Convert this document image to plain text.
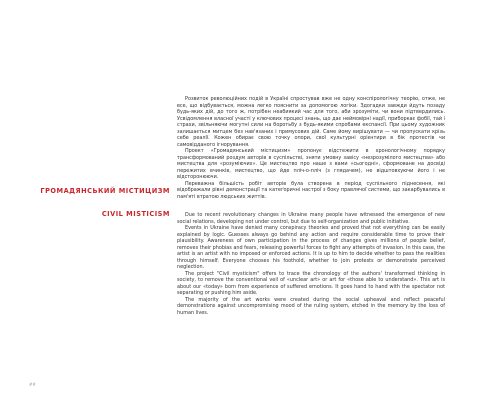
Розвиток революційних подій в Україні спростував вже не одну конспірологічну теорію, отже, не все, що відбувається, можна легко пояснити за допомогою логіки. Здогадки завжди йдуть позаду будь-яких дій, до того ж, потрібен неабиякий час для того, аби зрозуміти, чи вони підтвердились. Усвідомлення власної участі у ключових процесі знань, що дає неймовірні надії, приборкає фобії, тай і страхи, звільняючи могутні сили на боротьбу з будь-якими спробами експансії. При цьому художник залишається митцем без нав'язаних і примусових дій. Саме йому вирішувати — чи пропускати крізь себе реалії. Кожен обирає свою точку опори, свої культурні орієнтири в бік протестів чи самовідданого ігнорування.

Проект «Громадянський містицизм» пропонує відстежити в хронологічному порядку трансформований роздум авторів в суспільстві, зняти умовну завісу «незрозумілого мистецтва» або мистецтва для «розуміючих». Це мистецтво про наше з вами «сьогодні», сформоване на досвіді пережитих вчинків, мистецтво, що йде пліч-о-пліч (з глядачем), не відштовхуючи його і не відсторонюючи.

Переважна більшість робіт авторів була створена в період суспільного піднесення, які відображали рівні демонстрації та катеґоричні настрої з боку правлячої системи, що закарбувались в пам'яті втратою людських життів.

ГРОМАДЯНСЬКИЙ МІСТИЦИЗМ
CIVIL MISTICISM	Due to recent revolutionary changes in Ukraine many people have witnessed the emergence of new social relations, developing not under control, but due to self-organization and public initiative.

Events in Ukraine have denied many conspiracy theories and proved that not everything can be easily explained by logic. Guesses always go behind any action and require considerable time to prove their plausibility. Awareness of own participation in the process of changes gives millions of people belief, removes their phobias and fears, releasing powerful forces to fight any attempts of invasion. In this case, the artist is an artist with no imposed or enforced actions. It is up to him to decide whether to pass the realities through himself. Everyone chooses his foothold, whether to join protests or demonstrate perceived neglection.

The project "Civil mysticism" offers to trace the chronology of the authors' transformed thinking in society, to remove the conventional veil of «unclear art» or art for «those able to understand». This art is about our «today» born from experience of suffered emotions. It goes hand to hand with the spectator not separating or pushing him aside.

The majority of the art works were created during the social upheaval and reflect peaceful demonstrations against uncompromising mood of the ruling system, etched in the memory by the loss of human lives.

##
